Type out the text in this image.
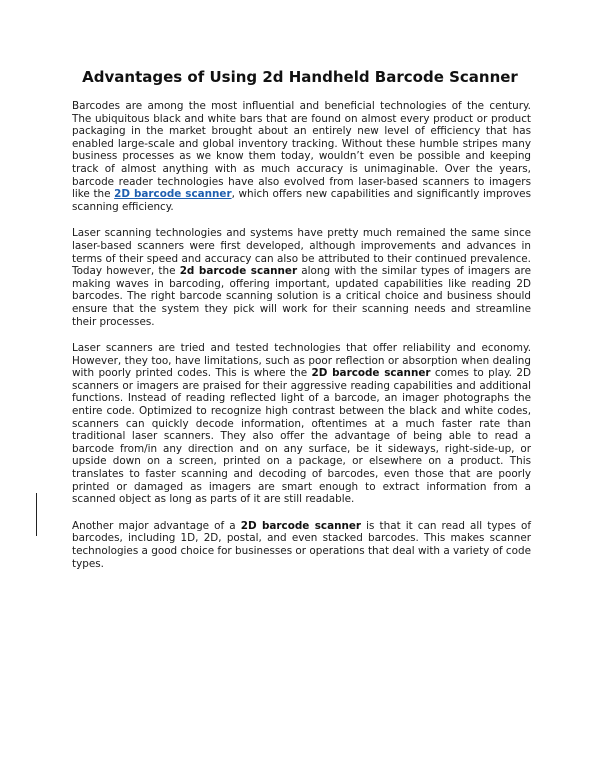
Advantages of Using 2d Handheld Barcode Scanner

Barcodes are among the most influential and beneficial technologies of the century. The ubiquitous black and white bars that are found on almost every product or product packaging in the market brought about an entirely new level of efficiency that has enabled large-scale and global inventory tracking. Without these humble stripes many business processes as we know them today, wouldn’t even be possible and keeping track of almost anything with as much accuracy is unimaginable. Over the years, barcode reader technologies have also evolved from laser-based scanners to imagers like the 2D barcode scanner, which offers new capabilities and significantly improves scanning efficiency.

Laser scanning technologies and systems have pretty much remained the same since laser-based scanners were first developed, although improvements and advances in terms of their speed and accuracy can also be attributed to their continued prevalence. Today however, the 2d barcode scanner along with the similar types of imagers are making waves in barcoding, offering important, updated capabilities like reading 2D barcodes. The right barcode scanning solution is a critical choice and business should ensure that the system they pick will work for their scanning needs and streamline their processes.

Laser scanners are tried and tested technologies that offer reliability and economy. However, they too, have limitations, such as poor reflection or absorption when dealing with poorly printed codes. This is where the 2D barcode scanner comes to play. 2D scanners or imagers are praised for their aggressive reading capabilities and additional functions. Instead of reading reflected light of a barcode, an imager photographs the entire code. Optimized to recognize high contrast between the black and white codes, scanners can quickly decode information, oftentimes at a much faster rate than traditional laser scanners. They also offer the advantage of being able to read a barcode from/in any direction and on any surface, be it sideways, right-side-up, or upside down on a screen, printed on a package, or elsewhere on a product. This translates to faster scanning and decoding of barcodes, even those that are poorly printed or damaged as imagers are smart enough to extract information from a scanned object as long as parts of it are still readable.

Another major advantage of a 2D barcode scanner is that it can read all types of barcodes, including 1D, 2D, postal, and even stacked barcodes. This makes scanner technologies a good choice for businesses or operations that deal with a variety of code types.
